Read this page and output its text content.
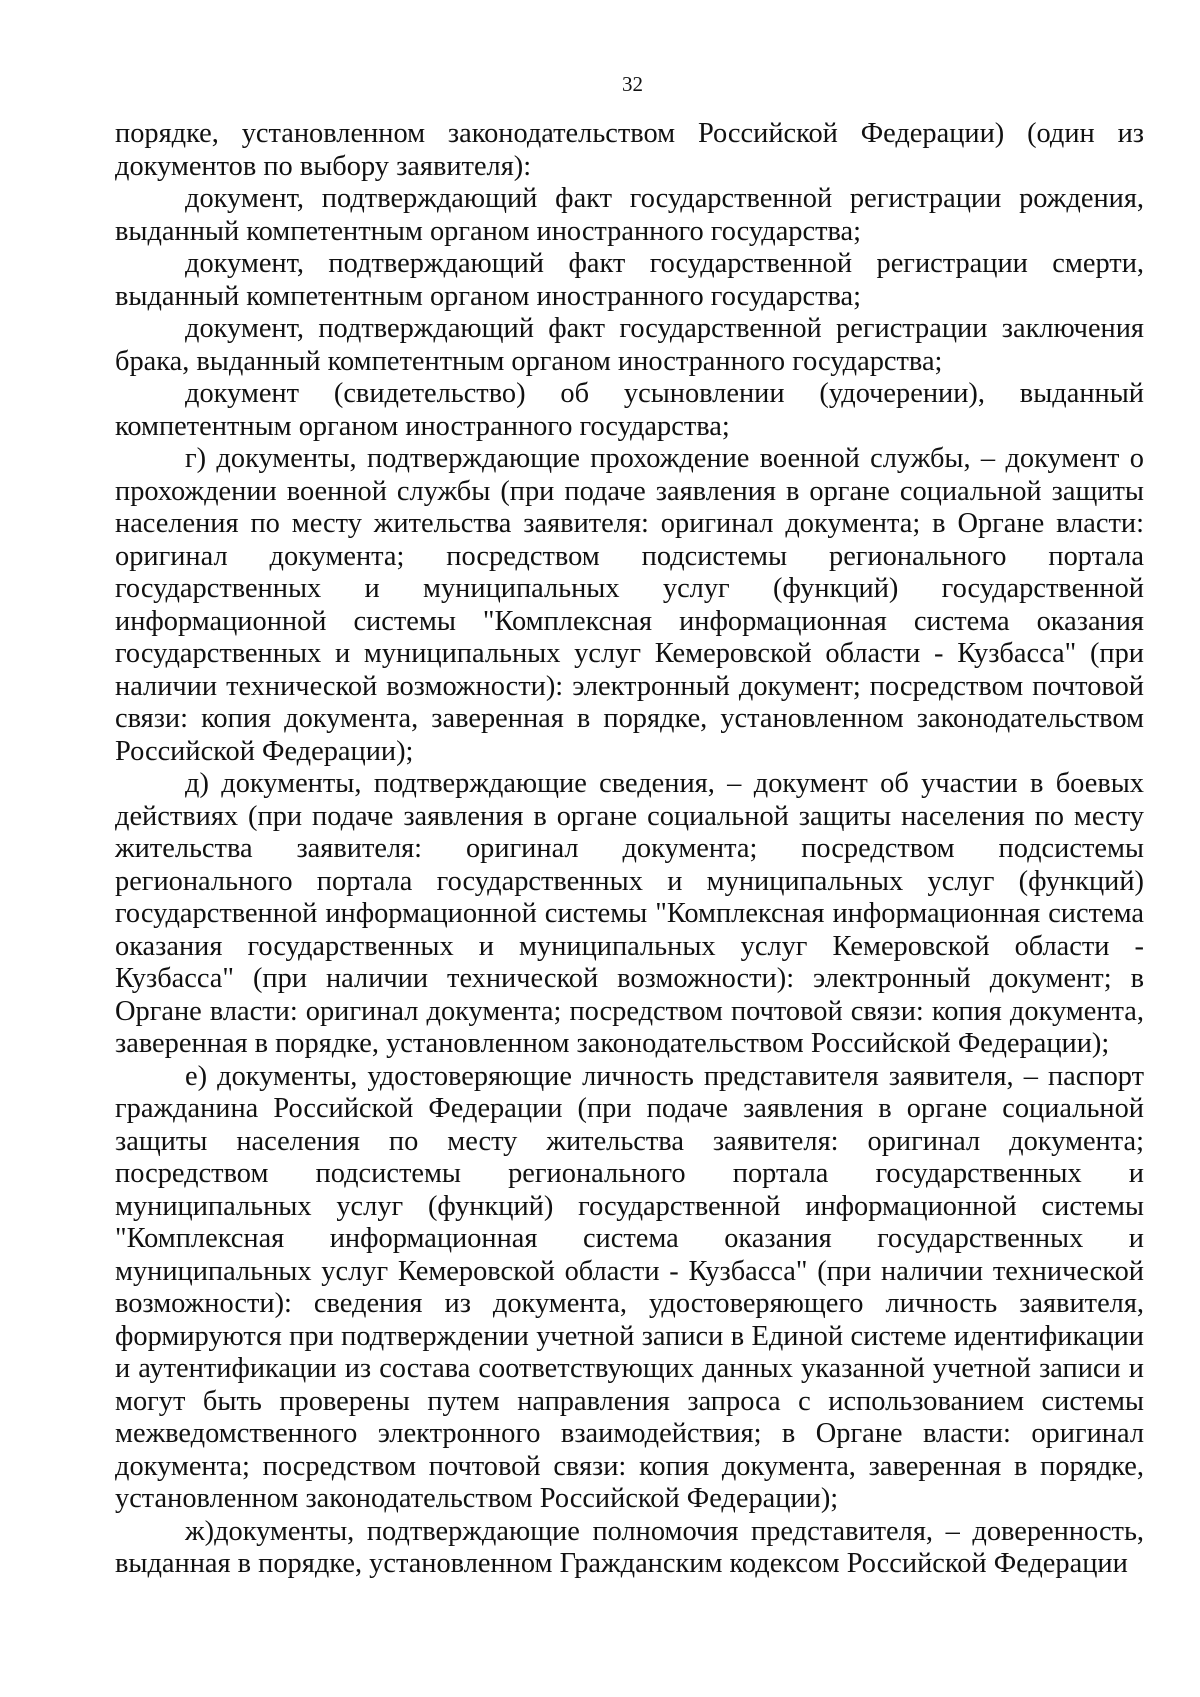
32

порядке, установленном законодательством Российской Федерации) (один из документов по выбору заявителя):

документ, подтверждающий факт государственной регистрации рождения, выданный компетентным органом иностранного государства;

документ, подтверждающий факт государственной регистрации смерти, выданный компетентным органом иностранного государства;

документ, подтверждающий факт государственной регистрации заключения брака, выданный компетентным органом иностранного государства;

документ (свидетельство) об усыновлении (удочерении), выданный компетентным органом иностранного государства;

г) документы, подтверждающие прохождение военной службы, – документ о прохождении военной службы (при подаче заявления в органе социальной защиты населения по месту жительства заявителя: оригинал документа; в Органе власти: оригинал документа; посредством подсистемы регионального портала государственных и муниципальных услуг (функций) государственной информационной системы "Комплексная информационная система оказания государственных и муниципальных услуг Кемеровской области - Кузбасса" (при наличии технической возможности): электронный документ; посредством почтовой связи: копия документа, заверенная в порядке, установленном законодательством Российской Федерации);

д) документы, подтверждающие сведения, – документ об участии в боевых действиях (при подаче заявления в органе социальной защиты населения по месту жительства заявителя: оригинал документа; посредством подсистемы регионального портала государственных и муниципальных услуг (функций) государственной информационной системы "Комплексная информационная система оказания государственных и муниципальных услуг Кемеровской области - Кузбасса" (при наличии технической возможности): электронный документ; в Органе власти: оригинал документа; посредством почтовой связи: копия документа, заверенная в порядке, установленном законодательством Российской Федерации);

е) документы, удостоверяющие личность представителя заявителя, – паспорт гражданина Российской Федерации (при подаче заявления в органе социальной защиты населения по месту жительства заявителя: оригинал документа; посредством подсистемы регионального портала государственных и муниципальных услуг (функций) государственной информационной системы "Комплексная информационная система оказания государственных и муниципальных услуг Кемеровской области - Кузбасса" (при наличии технической возможности): сведения из документа, удостоверяющего личность заявителя, формируются при подтверждении учетной записи в Единой системе идентификации и аутентификации из состава соответствующих данных указанной учетной записи и могут быть проверены путем направления запроса с использованием системы межведомственного электронного взаимодействия; в Органе власти: оригинал документа; посредством почтовой связи: копия документа, заверенная в порядке, установленном законодательством Российской Федерации);

ж)документы, подтверждающие полномочия представителя, – доверенность, выданная в порядке, установленном Гражданским кодексом Российской Федерации
